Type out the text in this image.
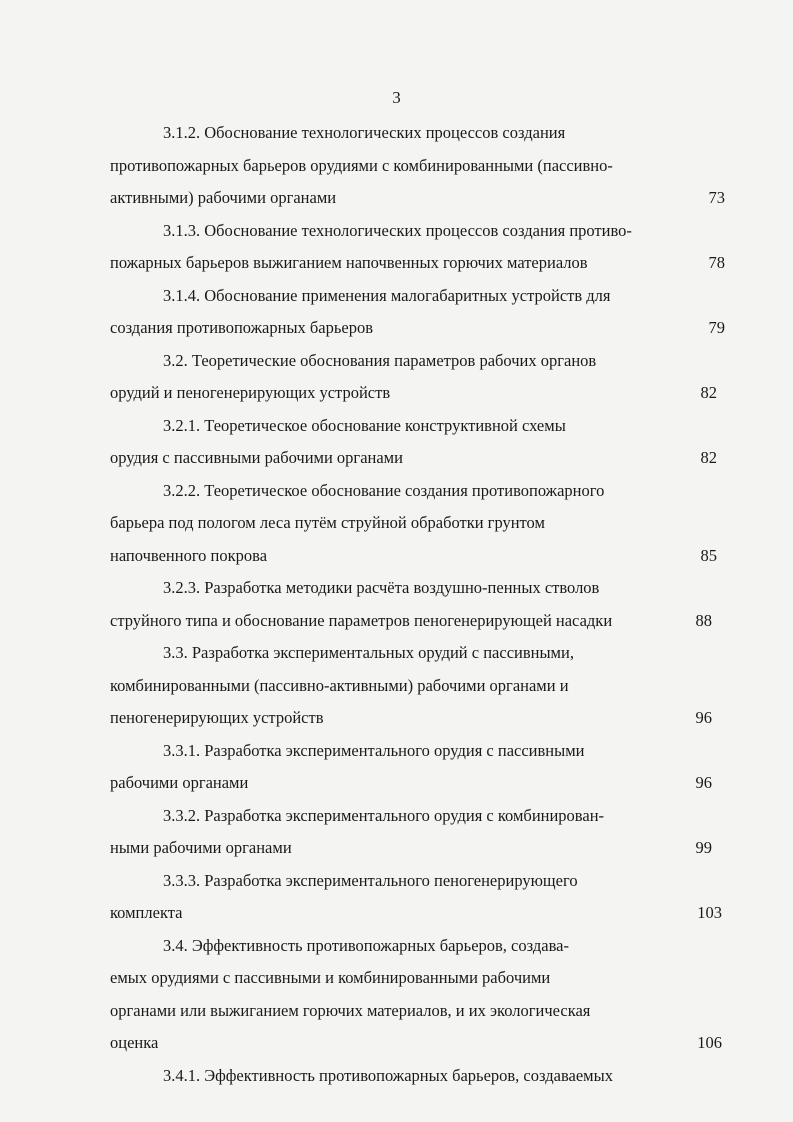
3
3.1.2. Обоснование технологических процессов создания
противопожарных барьеров орудиями с комбинированными (пассивно-
активными) рабочими органами	73
3.1.3. Обоснование технологических процессов создания противо-
пожарных барьеров выжиганием напочвенных горючих материалов	78
3.1.4. Обоснование применения малогабаритных устройств для
создания противопожарных барьеров	79
3.2. Теоретические обоснования параметров рабочих органов
орудий и пеногенерирующих устройств	82
3.2.1. Теоретическое обоснование конструктивной схемы
орудия с пассивными рабочими органами	82
3.2.2. Теоретическое обоснование создания противопожарного
барьера под пологом леса путём струйной обработки грунтом
напочвенного покрова	85
3.2.3. Разработка методики расчёта воздушно-пенных стволов
струйного типа и обоснование параметров пеногенерирующей насадки	88
3.3. Разработка экспериментальных орудий с пассивными,
комбинированными (пассивно-активными) рабочими органами и
пеногенерирующих устройств	96
3.3.1. Разработка экспериментального орудия с пассивными
рабочими органами	96
3.3.2. Разработка экспериментального орудия с комбинирован-
ными рабочими органами	99
3.3.3. Разработка экспериментального пеногенерирующего
комплекта	103
3.4. Эффективность противопожарных барьеров, создава-
емых орудиями с пассивными и комбинированными рабочими
органами или выжиганием горючих материалов, и их экологическая
оценка	106
3.4.1. Эффективность противопожарных барьеров, создаваемых
